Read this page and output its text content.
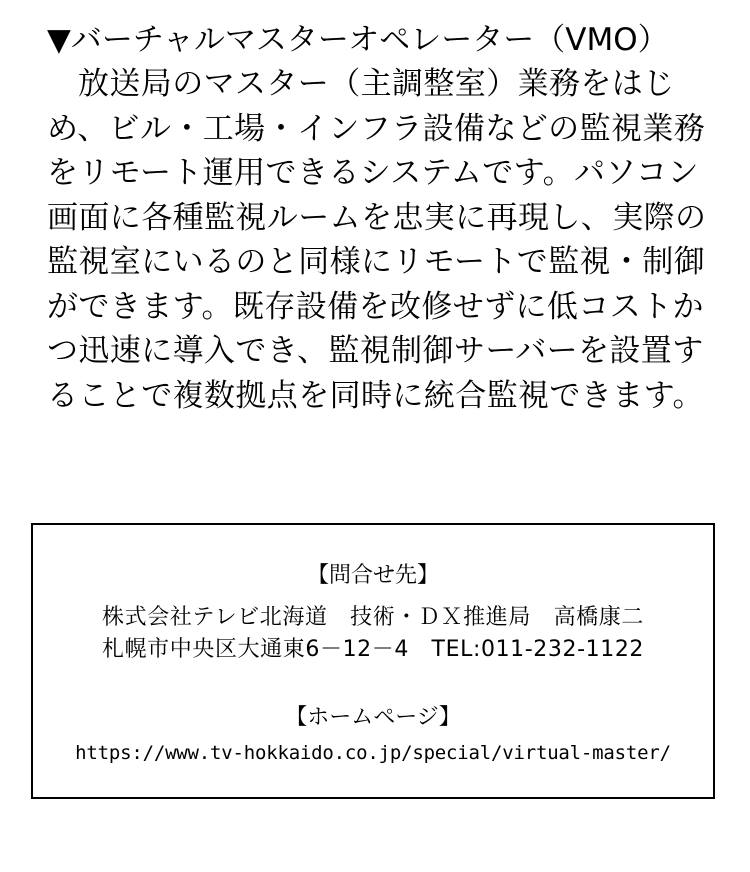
▼バーチャルマスターオペレーター（VMO）

放送局のマスター（主調整室）業務をはじめ、ビル・工場・インフラ設備などの監視業務をリモート運用できるシステムです。パソコン画面に各種監視ルームを忠実に再現し、実際の監視室にいるのと同様にリモートで監視・制御ができます。既存設備を改修せずに低コストかつ迅速に導入でき、監視制御サーバーを設置することで複数拠点を同時に統合監視できます。

【問合せ先】
株式会社テレビ北海道　技術・ＤＸ推進局　高橋康二
札幌市中央区大通東6－12－4　TEL:011-232-1122
【ホームページ】
https://www.tv-hokkaido.co.jp/special/virtual-master/
